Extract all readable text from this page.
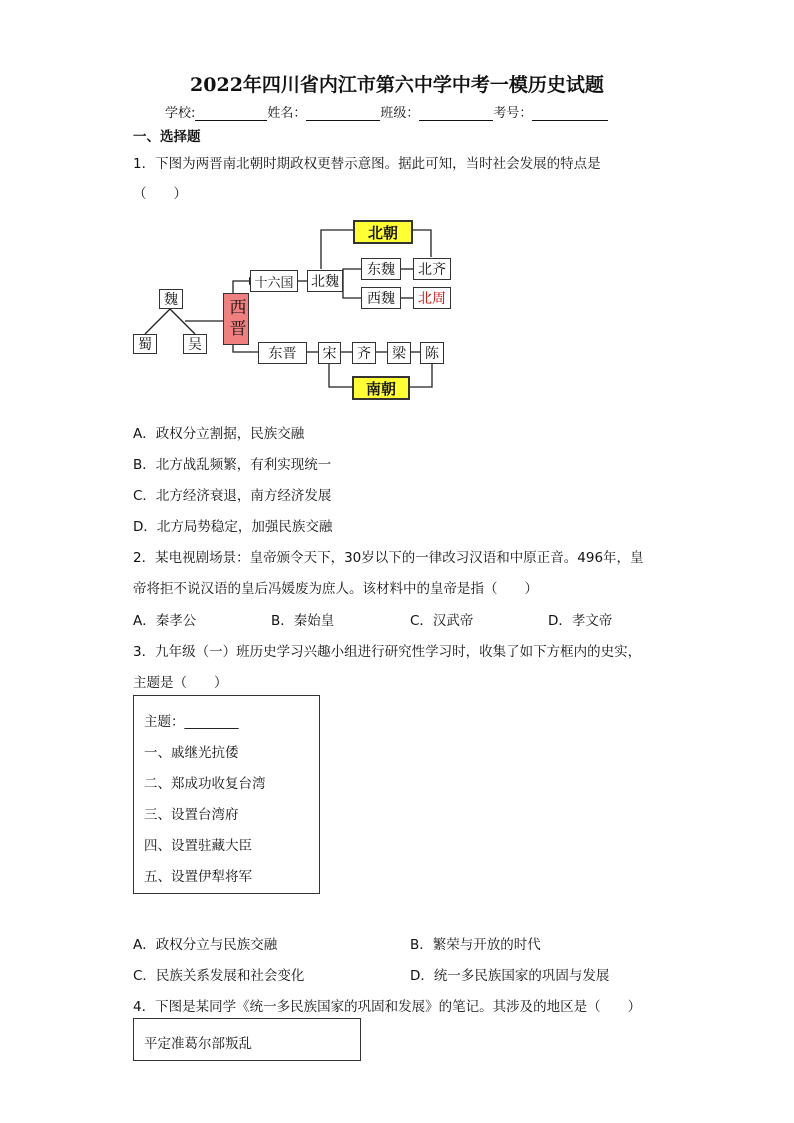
2022年四川省内江市第六中学中考一模历史试题
学校:	姓名：	班级：	考号：
一、选择题
1．下图为两晋南北朝时期政权更替示意图。据此可知，当时社会发展的特点是
（　　）
魏
蜀	吴
西晋
十六国	北魏
北朝
东魏	北齐
西魏	北周
东晋	宋	齐	梁	陈
南朝
A．政权分立割据，民族交融
B．北方战乱频繁，有利实现统一
C．北方经济衰退，南方经济发展
D．北方局势稳定，加强民族交融
2．某电视剧场景：皇帝颁令天下，30岁以下的一律改习汉语和中原正音。496年，皇
帝将拒不说汉语的皇后冯媛废为庶人。该材料中的皇帝是指（　　）
A．秦孝公	B．秦始皇	C．汉武帝	D．孝文帝
3．九年级（一）班历史学习兴趣小组进行研究性学习时，收集了如下方框内的史实，
主题是（　　）
主题：________
一、戚继光抗倭
二、郑成功收复台湾
三、设置台湾府
四、设置驻藏大臣
五、设置伊犁将军
A．政权分立与民族交融	B．繁荣与开放的时代
C．民族关系发展和社会变化	D．统一多民族国家的巩固与发展
4．下图是某同学《统一多民族国家的巩固和发展》的笔记。其涉及的地区是（　　）
平定准葛尔部叛乱
